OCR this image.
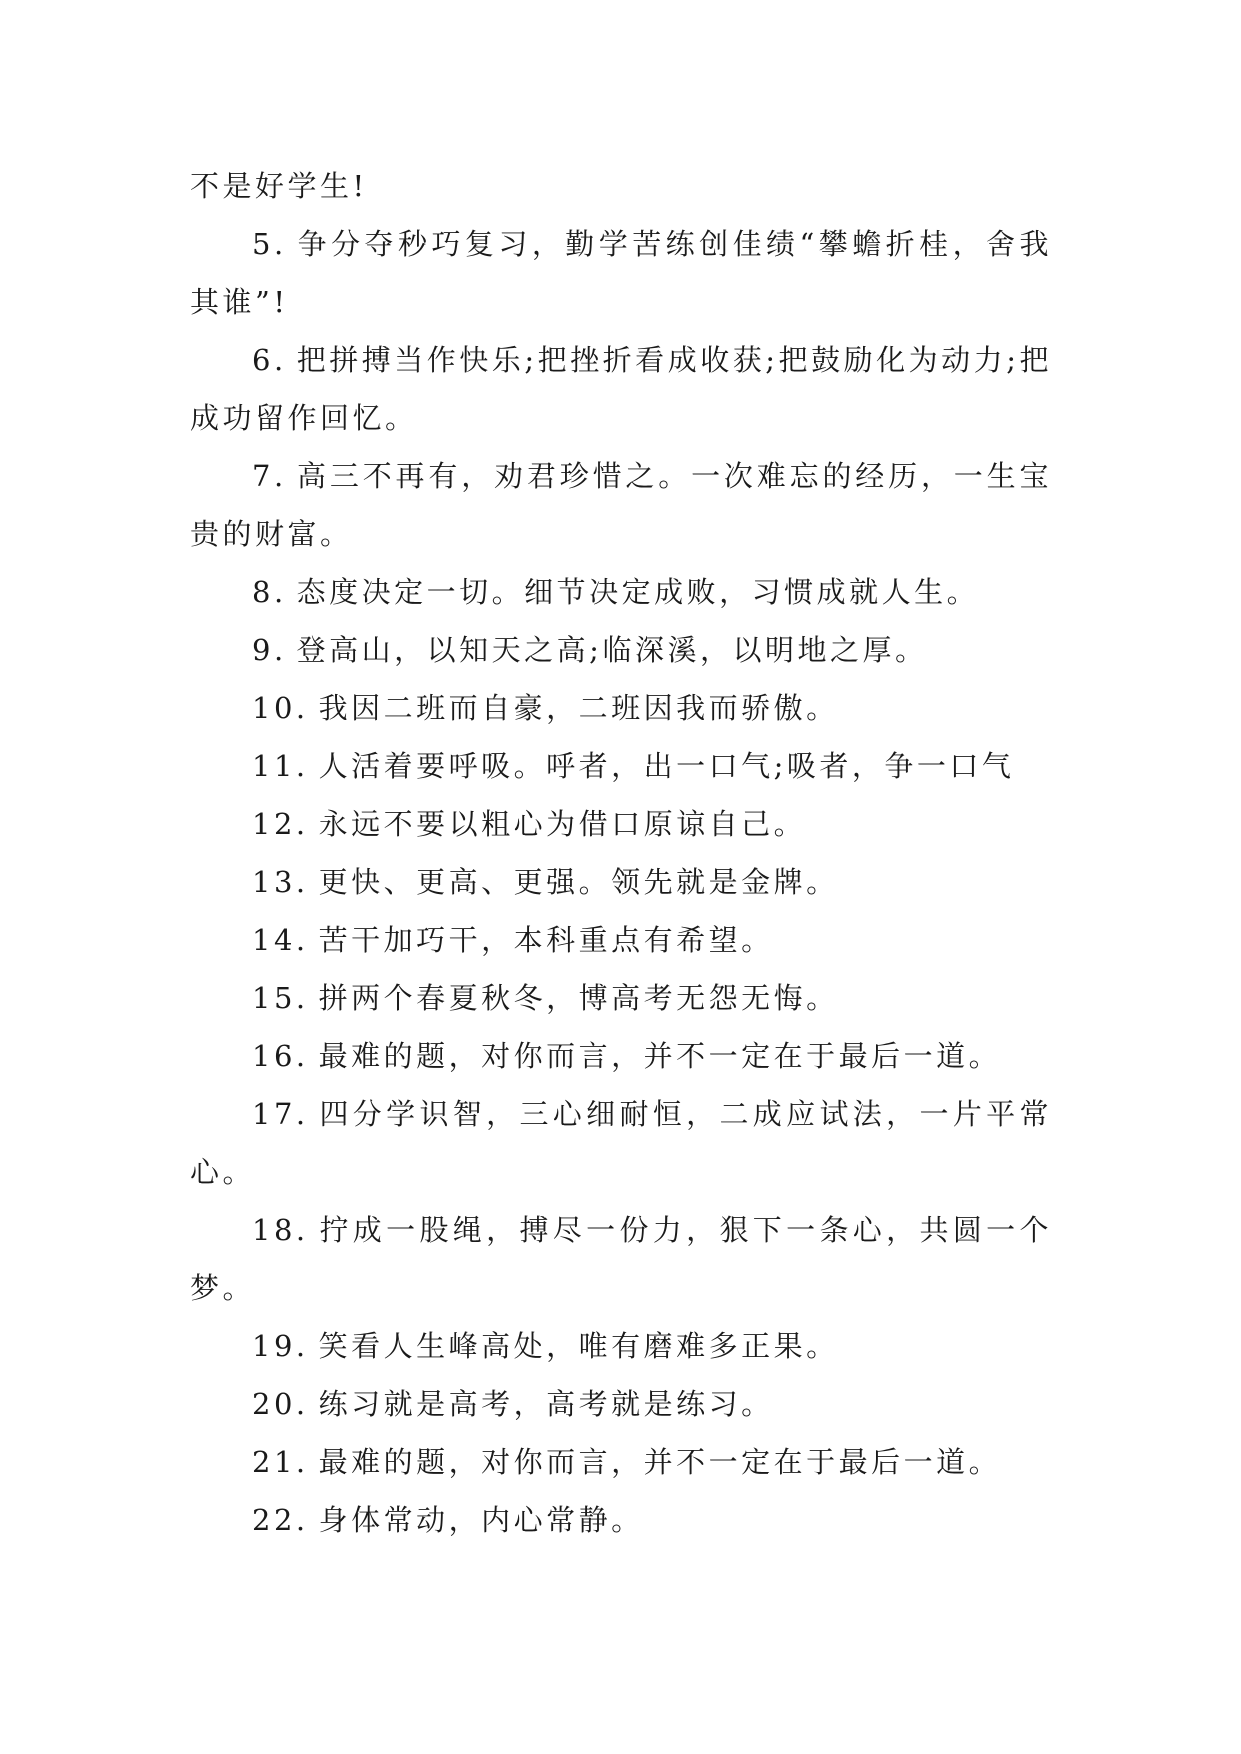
不是好学生!

5. 争分夺秒巧复习，勤学苦练创佳绩“攀蟾折桂，舍我其谁”!

6. 把拼搏当作快乐;把挫折看成收获;把鼓励化为动力;把成功留作回忆。

7. 高三不再有，劝君珍惜之。一次难忘的经历，一生宝贵的财富。

8. 态度决定一切。细节决定成败，习惯成就人生。

9. 登高山，以知天之高;临深溪，以明地之厚。

10. 我因二班而自豪，二班因我而骄傲。

11. 人活着要呼吸。呼者，出一口气;吸者，争一口气

12. 永远不要以粗心为借口原谅自己。

13. 更快、更高、更强。领先就是金牌。

14. 苦干加巧干，本科重点有希望。

15. 拼两个春夏秋冬，博高考无怨无悔。

16. 最难的题，对你而言，并不一定在于最后一道。

17. 四分学识智，三心细耐恒，二成应试法，一片平常心。

18. 拧成一股绳，搏尽一份力，狠下一条心，共圆一个梦。

19. 笑看人生峰高处，唯有磨难多正果。

20. 练习就是高考，高考就是练习。

21. 最难的题，对你而言，并不一定在于最后一道。

22. 身体常动，内心常静。
